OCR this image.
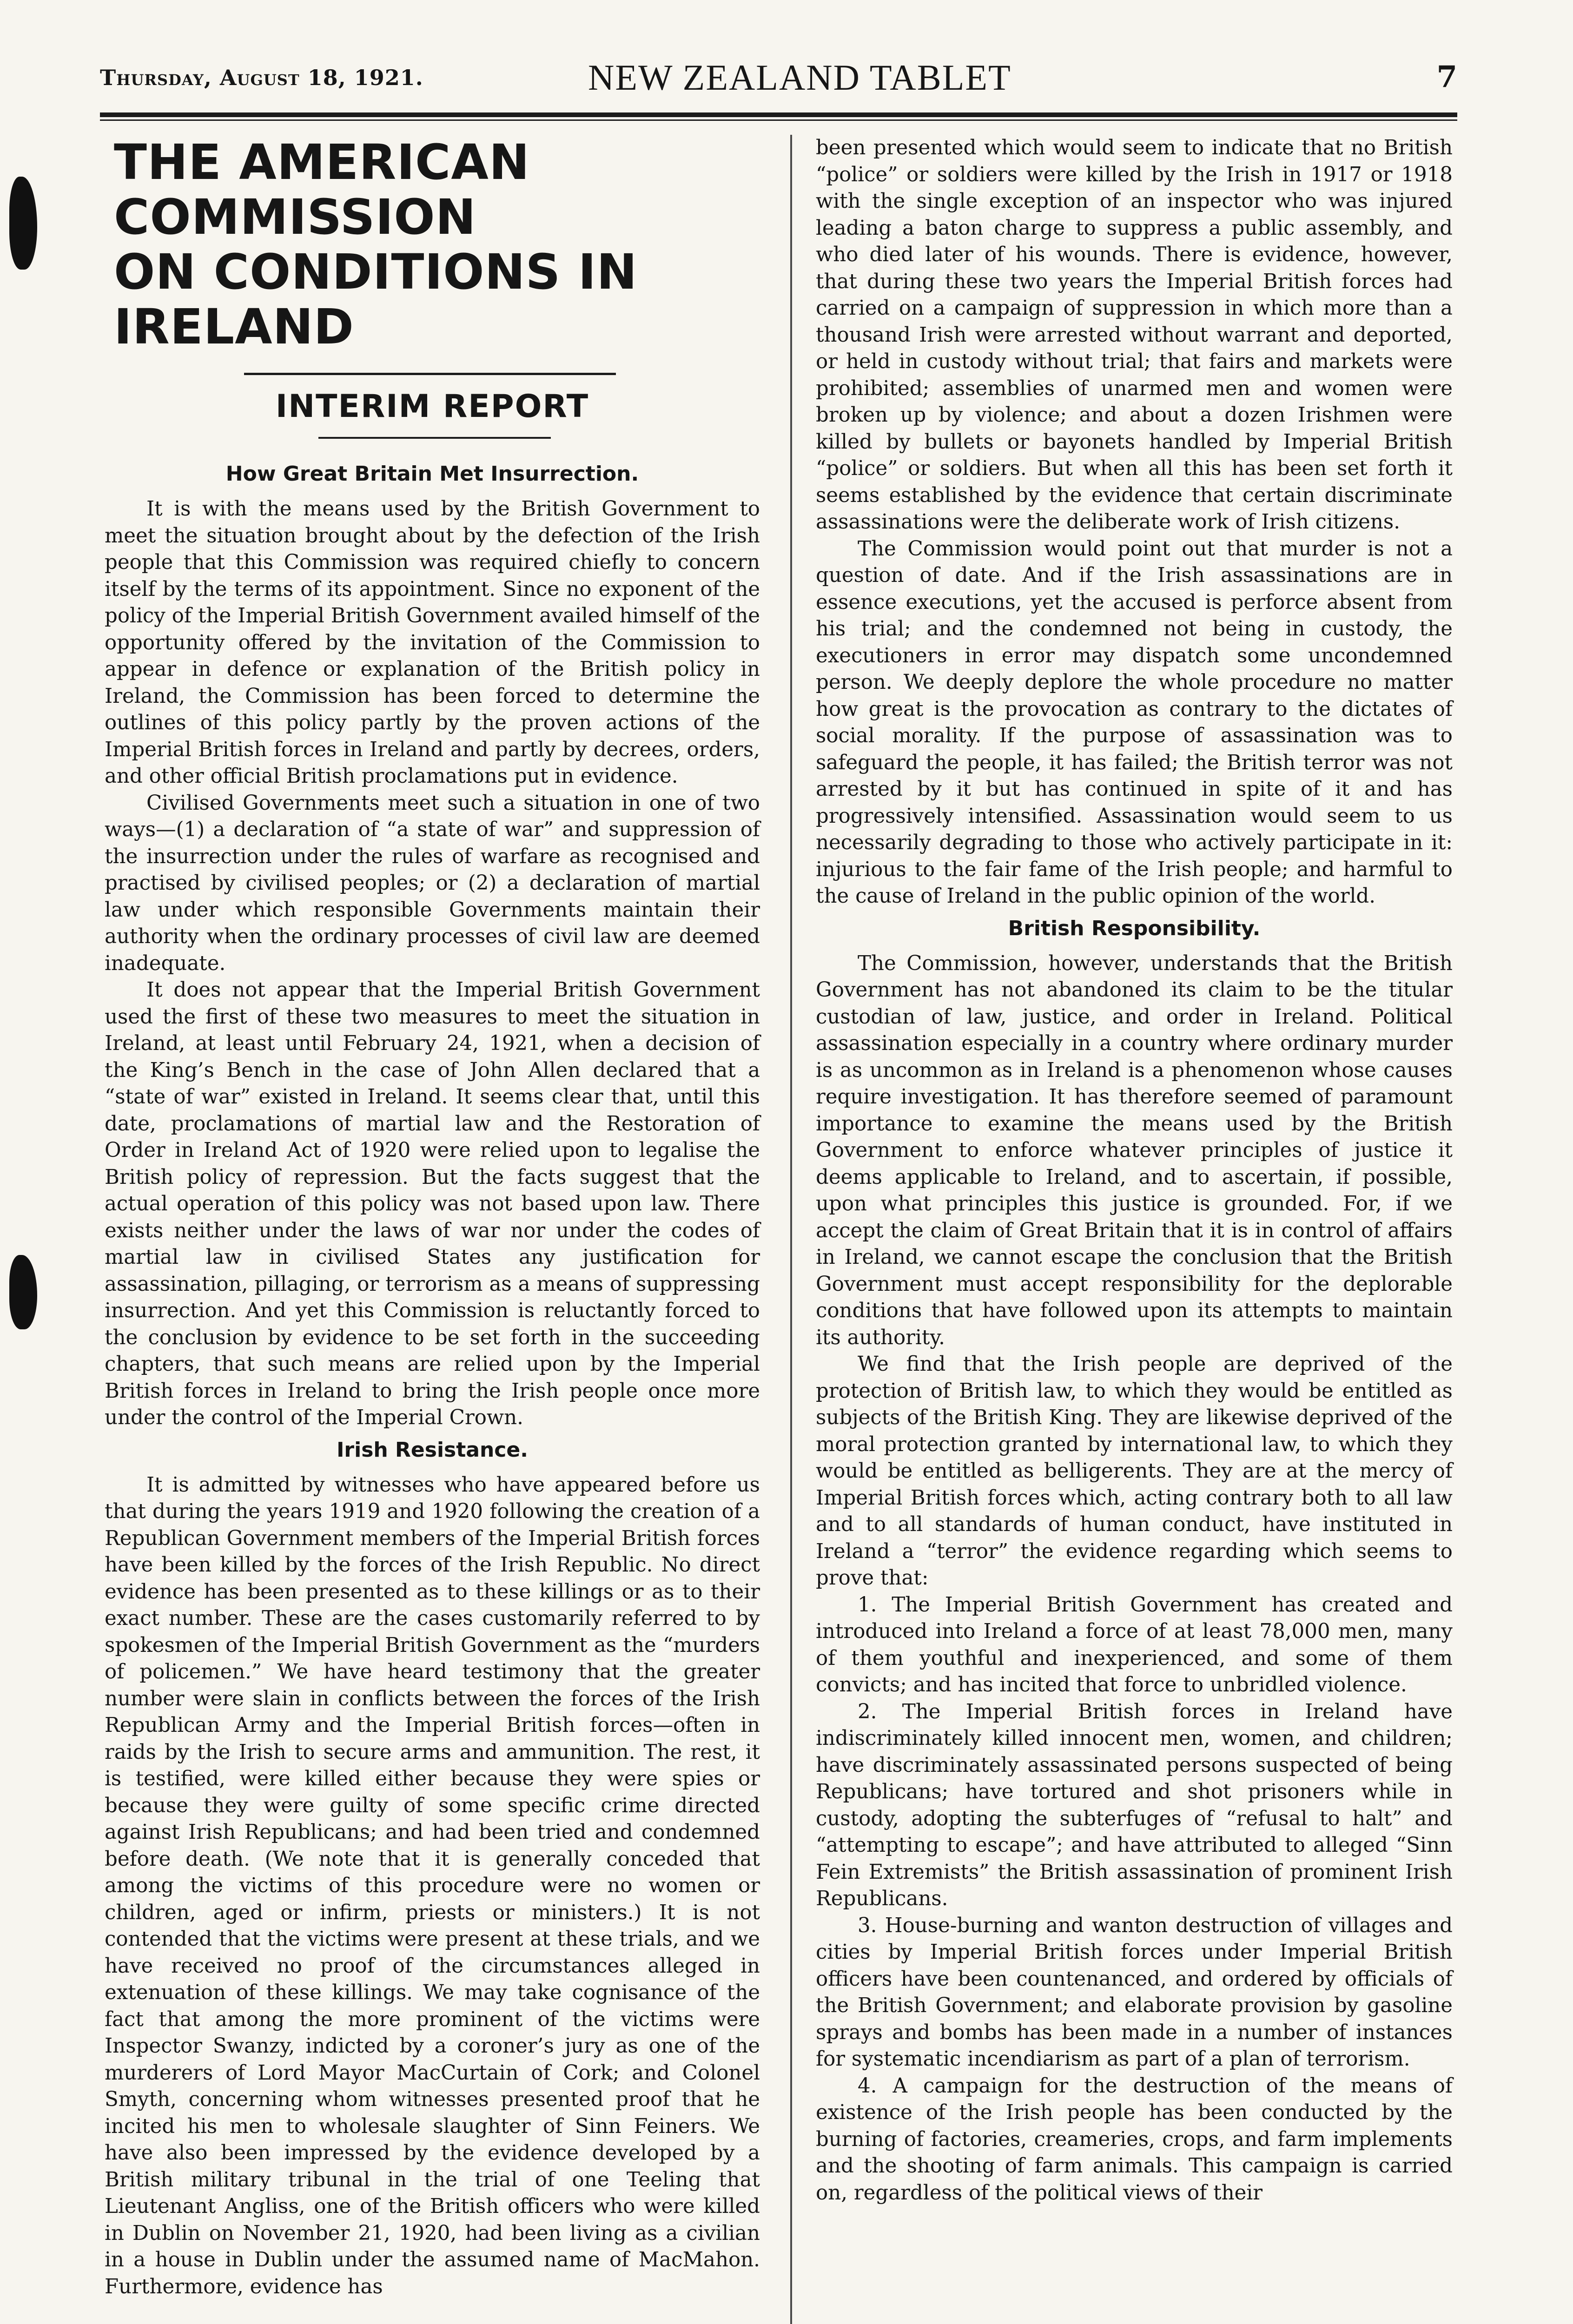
Thursday, August 18, 1921.	NEW ZEALAND TABLET	7
THE AMERICAN COMMISSION
ON CONDITIONS IN IRELAND
INTERIM REPORT
How Great Britain Met Insurrection.

It is with the means used by the British Government to meet the situation brought about by the defection of the Irish people that this Commission was required chiefly to concern itself by the terms of its appointment. Since no exponent of the policy of the Imperial British Government availed himself of the opportunity offered by the invitation of the Commission to appear in defence or explanation of the British policy in Ireland, the Commission has been forced to determine the outlines of this policy partly by the proven actions of the Imperial British forces in Ireland and partly by decrees, orders, and other official British proclamations put in evidence.

Civilised Governments meet such a situation in one of two ways—(1) a declaration of “a state of war” and suppression of the insurrection under the rules of warfare as recognised and practised by civilised peoples; or (2) a declaration of martial law under which responsible Governments maintain their authority when the ordinary processes of civil law are deemed inadequate.

It does not appear that the Imperial British Government used the first of these two measures to meet the situation in Ireland, at least until February 24, 1921, when a decision of the King’s Bench in the case of John Allen declared that a “state of war” existed in Ireland. It seems clear that, until this date, proclamations of martial law and the Restoration of Order in Ireland Act of 1920 were relied upon to legalise the British policy of repression. But the facts suggest that the actual operation of this policy was not based upon law. There exists neither under the laws of war nor under the codes of martial law in civilised States any justification for assassination, pillaging, or terrorism as a means of suppressing insurrection. And yet this Commission is reluctantly forced to the conclusion by evidence to be set forth in the succeeding chapters, that such means are relied upon by the Imperial British forces in Ireland to bring the Irish people once more under the control of the Imperial Crown.

Irish Resistance.

It is admitted by witnesses who have appeared before us that during the years 1919 and 1920 following the creation of a Republican Government members of the Imperial British forces have been killed by the forces of the Irish Republic. No direct evidence has been presented as to these killings or as to their exact number. These are the cases customarily referred to by spokesmen of the Imperial British Government as the “murders of policemen.” We have heard testimony that the greater number were slain in conflicts between the forces of the Irish Republican Army and the Imperial British forces—often in raids by the Irish to secure arms and ammunition. The rest, it is testified, were killed either because they were spies or because they were guilty of some specific crime directed against Irish Republicans; and had been tried and condemned before death. (We note that it is generally conceded that among the victims of this procedure were no women or children, aged or infirm, priests or ministers.) It is not contended that the victims were present at these trials, and we have received no proof of the circumstances alleged in extenuation of these killings. We may take cognisance of the fact that among the more prominent of the victims were Inspector Swanzy, indicted by a coroner’s jury as one of the murderers of Lord Mayor MacCurtain of Cork; and Colonel Smyth, concerning whom witnesses presented proof that he incited his men to wholesale slaughter of Sinn Feiners. We have also been impressed by the evidence developed by a British military tribunal in the trial of one Teeling that Lieutenant Angliss, one of the British officers who were killed in Dublin on November 21, 1920, had been living as a civilian in a house in Dublin under the assumed name of MacMahon. Furthermore, evidence has

been presented which would seem to indicate that no British “police” or soldiers were killed by the Irish in 1917 or 1918 with the single exception of an inspector who was injured leading a baton charge to suppress a public assembly, and who died later of his wounds. There is evidence, however, that during these two years the Imperial British forces had carried on a campaign of suppression in which more than a thousand Irish were arrested without warrant and deported, or held in custody without trial; that fairs and markets were prohibited; assemblies of unarmed men and women were broken up by violence; and about a dozen Irishmen were killed by bullets or bayonets handled by Imperial British “police” or soldiers. But when all this has been set forth it seems established by the evidence that certain discriminate assassinations were the deliberate work of Irish citizens.

The Commission would point out that murder is not a question of date. And if the Irish assassinations are in essence executions, yet the accused is perforce absent from his trial; and the condemned not being in custody, the executioners in error may dispatch some uncondemned person. We deeply deplore the whole procedure no matter how great is the provocation as contrary to the dictates of social morality. If the purpose of assassination was to safeguard the people, it has failed; the British terror was not arrested by it but has continued in spite of it and has progressively intensified. Assassination would seem to us necessarily degrading to those who actively participate in it: injurious to the fair fame of the Irish people; and harmful to the cause of Ireland in the public opinion of the world.

British Responsibility.

The Commission, however, understands that the British Government has not abandoned its claim to be the titular custodian of law, justice, and order in Ireland. Political assassination especially in a country where ordinary murder is as uncommon as in Ireland is a phenomenon whose causes require investigation. It has therefore seemed of paramount importance to examine the means used by the British Government to enforce whatever principles of justice it deems applicable to Ireland, and to ascertain, if possible, upon what principles this justice is grounded. For, if we accept the claim of Great Britain that it is in control of affairs in Ireland, we cannot escape the conclusion that the British Government must accept responsibility for the deplorable conditions that have followed upon its attempts to maintain its authority.

We find that the Irish people are deprived of the protection of British law, to which they would be entitled as subjects of the British King. They are likewise deprived of the moral protection granted by international law, to which they would be entitled as belligerents. They are at the mercy of Imperial British forces which, acting contrary both to all law and to all standards of human conduct, have instituted in Ireland a “terror” the evidence regarding which seems to prove that:

1. The Imperial British Government has created and introduced into Ireland a force of at least 78,000 men, many of them youthful and inexperienced, and some of them convicts; and has incited that force to unbridled violence.

2. The Imperial British forces in Ireland have indiscriminately killed innocent men, women, and children; have discriminately assassinated persons suspected of being Republicans; have tortured and shot prisoners while in custody, adopting the subterfuges of “refusal to halt” and “attempting to escape”; and have attributed to alleged “Sinn Fein Extremists” the British assassination of prominent Irish Republicans.

3. House-burning and wanton destruction of villages and cities by Imperial British forces under Imperial British officers have been countenanced, and ordered by officials of the British Government; and elaborate provision by gasoline sprays and bombs has been made in a number of instances for systematic incendiarism as part of a plan of terrorism.

4. A campaign for the destruction of the means of existence of the Irish people has been conducted by the burning of factories, creameries, crops, and farm implements and the shooting of farm animals. This campaign is carried on, regardless of the political views of their
